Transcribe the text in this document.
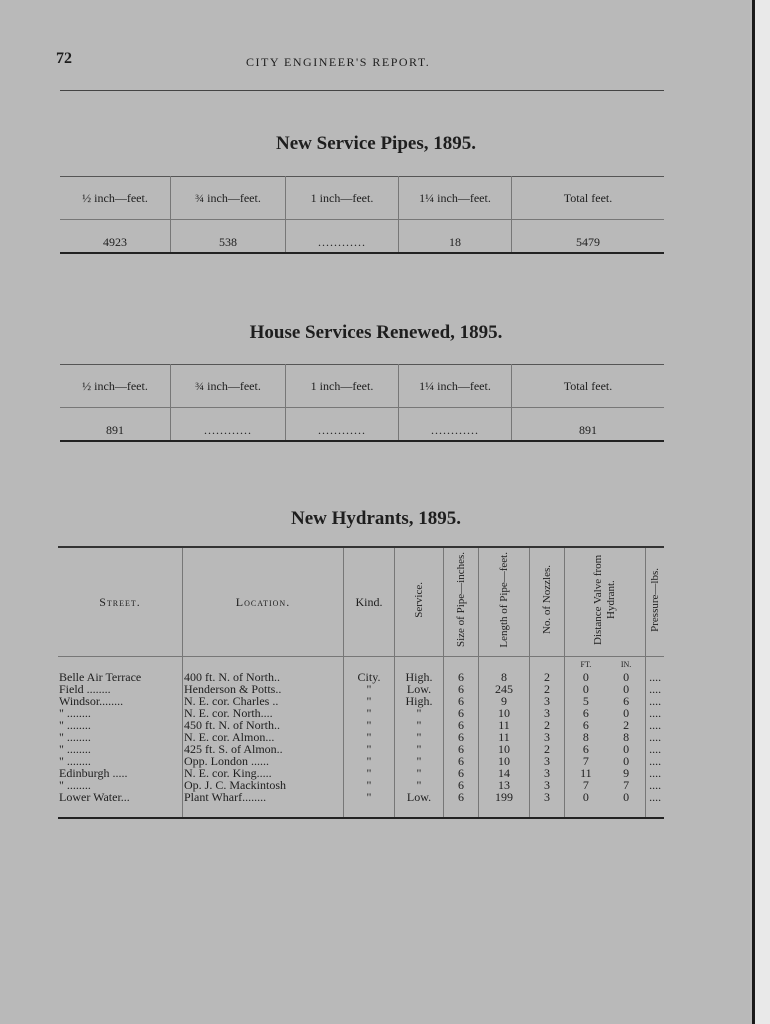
72	CITY ENGINEER'S REPORT.
New Service Pipes, 1895.
½ inch—feet.	¾ inch—feet.	1 inch—feet.	1¼ inch—feet.	Total feet.
4923	538	............	18	5479
House Services Renewed, 1895.
½ inch—feet.	¾ inch—feet.	1 inch—feet.	1¼ inch—feet.	Total feet.
891	............	............	............	891
New Hydrants, 1895.
Street.	Location.	Kind.	Service.	Size of Pipe—inches.	Length of Pipe—feet.	No. of Nozzles.	Distance Valve from Hydrant.		Pressure—lbs.
							FT.	IN.	
Belle Air Terrace	400 ft. N. of North..	City.	High.	6	8	2	0	0	....
Field ........	Henderson & Potts..	"	Low.	6	245	2	0	0	....
Windsor........	N. E. cor. Charles ..	"	High.	6	9	3	5	6	....
" ........	N. E. cor. North....	"	"	6	10	3	6	0	....
" ........	450 ft. N. of North..	"	"	6	11	2	6	2	....
" ........	N. E. cor. Almon...	"	"	6	11	3	8	8	....
" ........	425 ft. S. of Almon..	"	"	6	10	2	6	0	....
" ........	Opp. London ......	"	"	6	10	3	7	0	....
Edinburgh .....	N. E. cor. King.....	"	"	6	14	3	11	9	....
" ........	Op. J. C. Mackintosh	"	"	6	13	3	7	7	....
Lower Water...	Plant Wharf........	"	Low.	6	199	3	0	0	....
